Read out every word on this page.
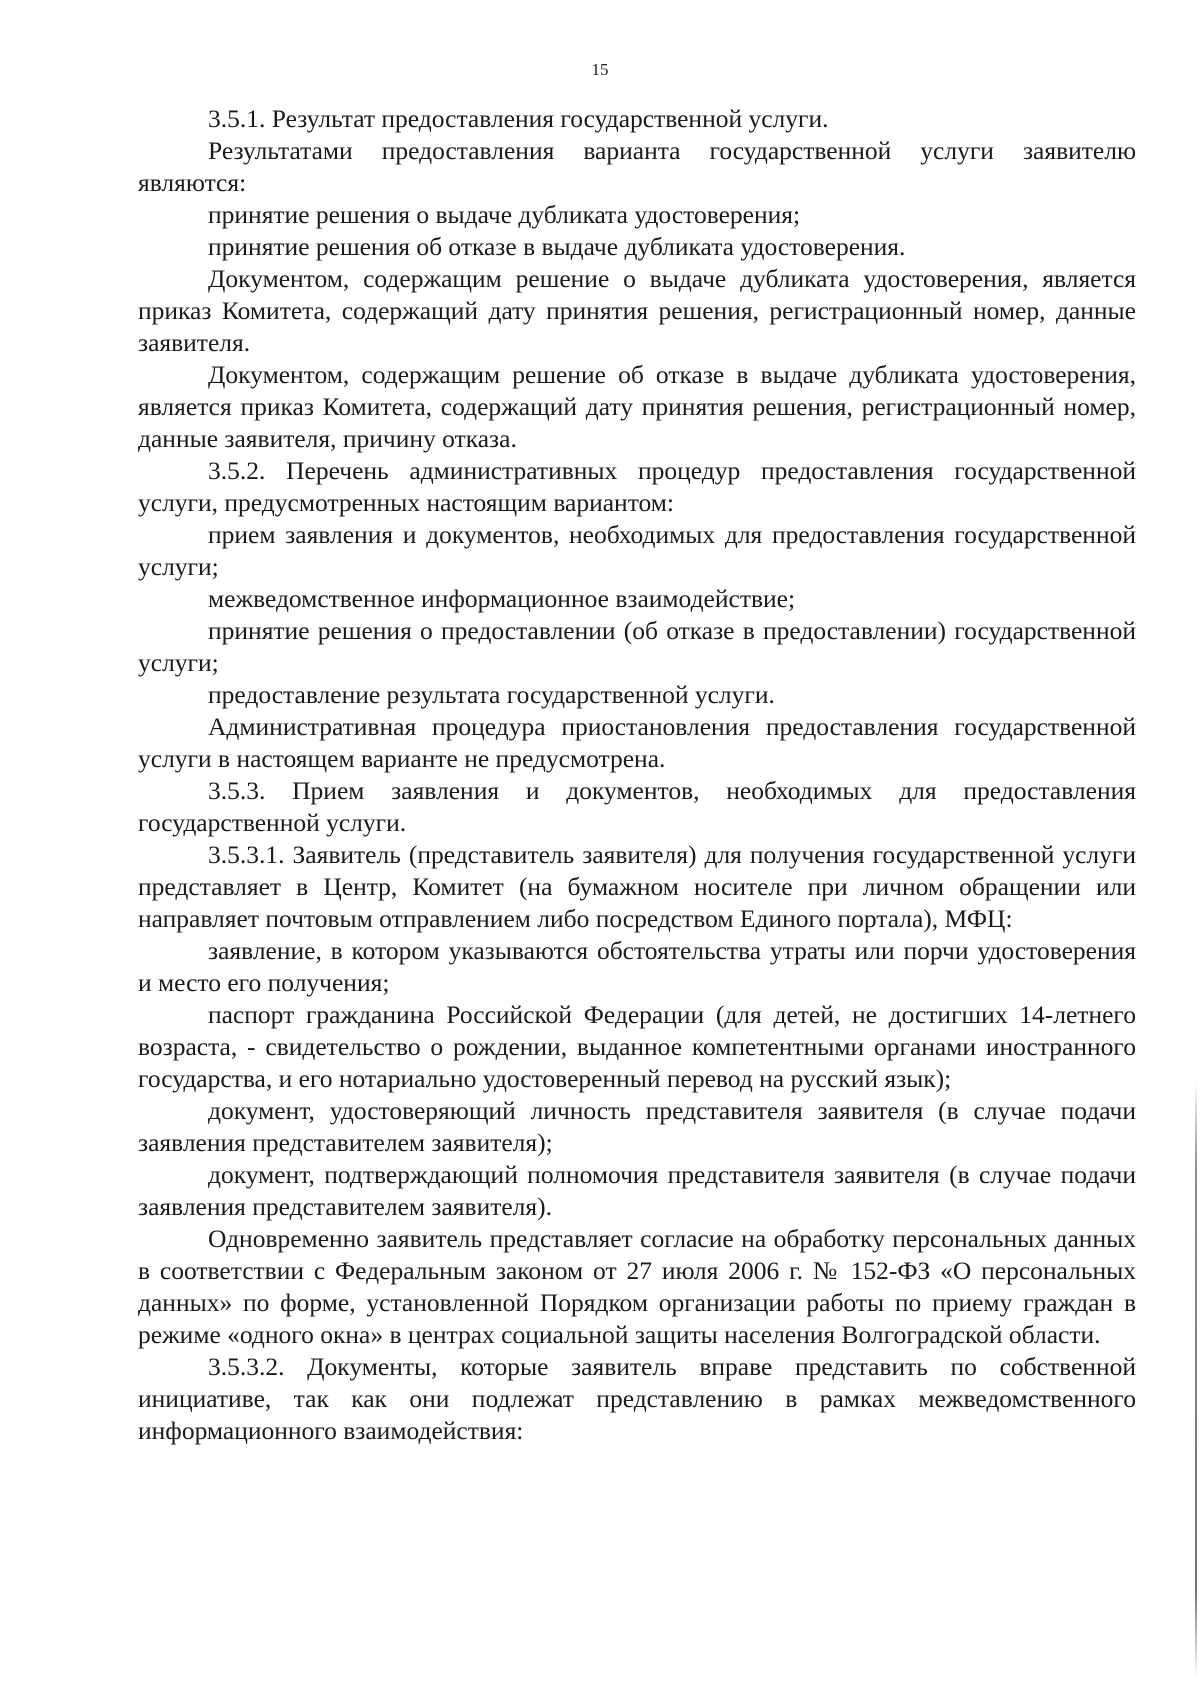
15

3.5.1. Результат предоставления государственной услуги.

Результатами предоставления варианта государственной услуги заявителю являются:

принятие решения о выдаче дубликата удостоверения;

принятие решения об отказе в выдаче дубликата удостоверения.

Документом, содержащим решение о выдаче дубликата удостоверения, является приказ Комитета, содержащий дату принятия решения, регистрационный номер, данные заявителя.

Документом, содержащим решение об отказе в выдаче дубликата удостоверения, является приказ Комитета, содержащий дату принятия решения, регистрационный номер, данные заявителя, причину отказа.

3.5.2. Перечень административных процедур предоставления государственной услуги, предусмотренных настоящим вариантом:

прием заявления и документов, необходимых для предоставления государственной услуги;

межведомственное информационное взаимодействие;

принятие решения о предоставлении (об отказе в предоставлении) государственной услуги;

предоставление результата государственной услуги.

Административная процедура приостановления предоставления государственной услуги в настоящем варианте не предусмотрена.

3.5.3. Прием заявления и документов, необходимых для предоставления государственной услуги.

3.5.3.1. Заявитель (представитель заявителя) для получения государственной услуги представляет в Центр, Комитет (на бумажном носителе при личном обращении или направляет почтовым отправлением либо посредством Единого портала), МФЦ:

заявление, в котором указываются обстоятельства утраты или порчи удостоверения и место его получения;

паспорт гражданина Российской Федерации (для детей, не достигших 14-летнего возраста, - свидетельство о рождении, выданное компетентными органами иностранного государства, и его нотариально удостоверенный перевод на русский язык);

документ, удостоверяющий личность представителя заявителя (в случае подачи заявления представителем заявителя);

документ, подтверждающий полномочия представителя заявителя (в случае подачи заявления представителем заявителя).

Одновременно заявитель представляет согласие на обработку персональных данных в соответствии с Федеральным законом от 27 июля 2006 г. № 152-ФЗ «О персональных данных» по форме, установленной Порядком организации работы по приему граждан в режиме «одного окна» в центрах социальной защиты населения Волгоградской области.

3.5.3.2. Документы, которые заявитель вправе представить по собственной инициативе, так как они подлежат представлению в рамках межведомственного информационного взаимодействия:
